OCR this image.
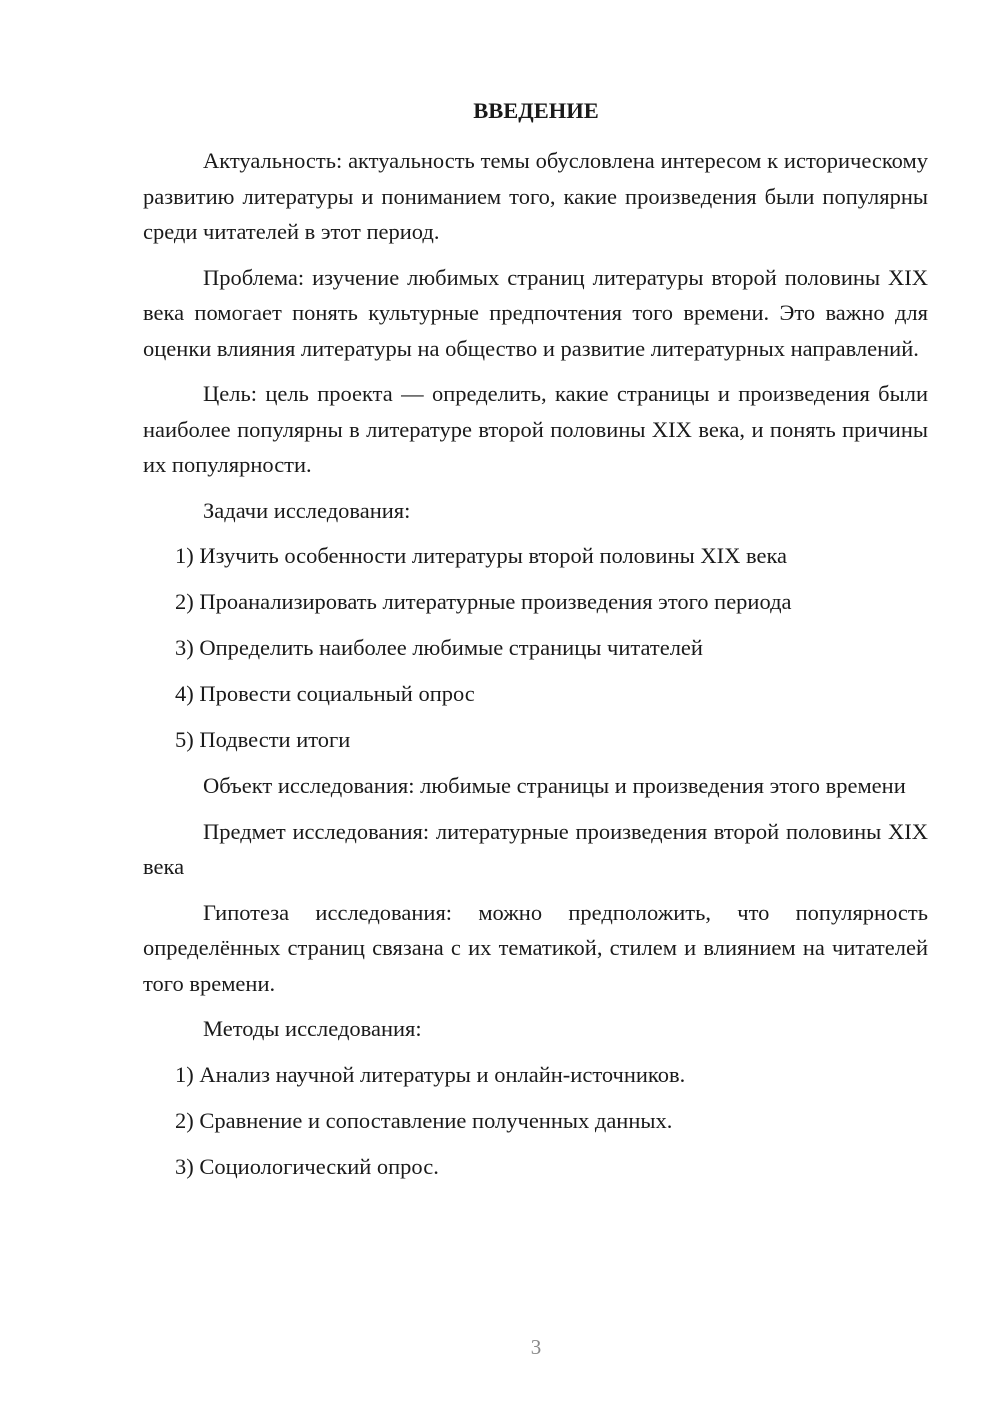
ВВЕДЕНИЕ

Актуальность: актуальность темы обусловлена интересом к историческому развитию литературы и пониманием того, какие произведения были популярны среди читателей в этот период.

Проблема: изучение любимых страниц литературы второй половины XIX века помогает понять культурные предпочтения того времени. Это важно для оценки влияния литературы на общество и развитие литературных направлений.

Цель: цель проекта — определить, какие страницы и произведения были наиболее популярны в литературе второй половины XIX века, и понять причины их популярности.

Задачи исследования:

1) Изучить особенности литературы второй половины XIX века

2) Проанализировать литературные произведения этого периода

3) Определить наиболее любимые страницы читателей

4) Провести социальный опрос

5) Подвести итоги

Объект исследования: любимые страницы и произведения этого времени

Предмет исследования: литературные произведения второй половины XIX века

Гипотеза исследования: можно предположить, что популярность определённых страниц связана с их тематикой, стилем и влиянием на читателей того времени.

Методы исследования:

1) Анализ научной литературы и онлайн-источников.

2) Сравнение и сопоставление полученных данных.

3) Социологический опрос.

3
